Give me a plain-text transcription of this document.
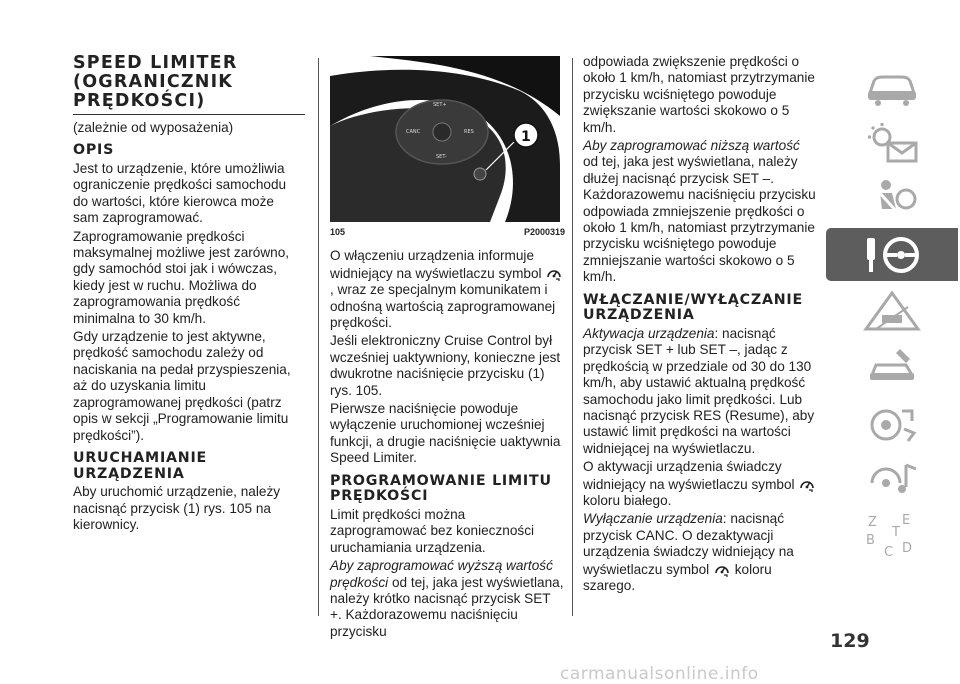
SPEED LIMITER (OGRANICZNIK PRĘDKOŚCI)

(zależnie od wyposażenia)

OPIS

Jest to urządzenie, które umożliwia ograniczenie prędkości samochodu do wartości, które kierowca może sam zaprogramować.

Zaprogramowanie prędkości maksymalnej możliwe jest zarówno, gdy samochód stoi jak i wówczas, kiedy jest w ruchu. Możliwa do zaprogramowania prędkość minimalna to 30 km/h.

Gdy urządzenie to jest aktywne, prędkość samochodu zależy od naciskania na pedał przyspieszenia, aż do uzyskania limitu zaprogramowanej prędkości (patrz opis w sekcji „Programowanie limitu prędkości”).

URUCHAMIANIE URZĄDZENIA

Aby uruchomić urządzenie, należy nacisnąć przycisk (1) rys. 105 na kierownicy.

SET+
CANC	RES
SET-
1
105	P2000319

O włączeniu urządzenia informuje widniejący na wyświetlaczu symbol , wraz ze specjalnym komunikatem i odnośną wartością zaprogramowanej prędkości.

Jeśli elektroniczny Cruise Control był wcześniej uaktywniony, konieczne jest dwukrotne naciśnięcie przycisku (1) rys. 105.

Pierwsze naciśnięcie powoduje wyłączenie uruchomionej wcześniej funkcji, a drugie naciśnięcie uaktywnia Speed Limiter.

PROGRAMOWANIE LIMITU PRĘDKOŚCI

Limit prędkości można zaprogramować bez konieczności uruchamiania urządzenia.

Aby zaprogramować wyższą wartość prędkości od tej, jaka jest wyświetlana, należy krótko nacisnąć przycisk SET +. Każdorazowemu naciśnięciu przycisku

odpowiada zwiększenie prędkości o około 1 km/h, natomiast przytrzymanie przycisku wciśniętego powoduje zwiększanie wartości skokowo o 5 km/h.

Aby zaprogramować niższą wartość od tej, jaka jest wyświetlana, należy dłużej nacisnąć przycisk SET –. Każdorazowemu naciśnięciu przycisku odpowiada zmniejszenie prędkości o około 1 km/h, natomiast przytrzymanie przycisku wciśniętego powoduje zmniejszanie wartości skokowo o 5 km/h.

WŁĄCZANIE/WYŁĄCZANIE URZĄDZENIA

Aktywacja urządzenia: nacisnąć przycisk SET + lub SET –, jadąc z prędkością w przedziale od 30 do 130 km/h, aby ustawić aktualną prędkość samochodu jako limit prędkości. Lub nacisnąć przycisk RES (Resume), aby ustawić limit prędkości na wartości widniejącej na wyświetlaczu.

O aktywacji urządzenia świadczy widniejący na wyświetlaczu symbol  koloru białego.

Wyłączanie urządzenia: nacisnąć przycisk CANC. O dezaktywacji urządzenia świadczy widniejący na wyświetlaczu symbol  koloru szarego.

Z E
B
C D
T
129
carmanualsonline.info
